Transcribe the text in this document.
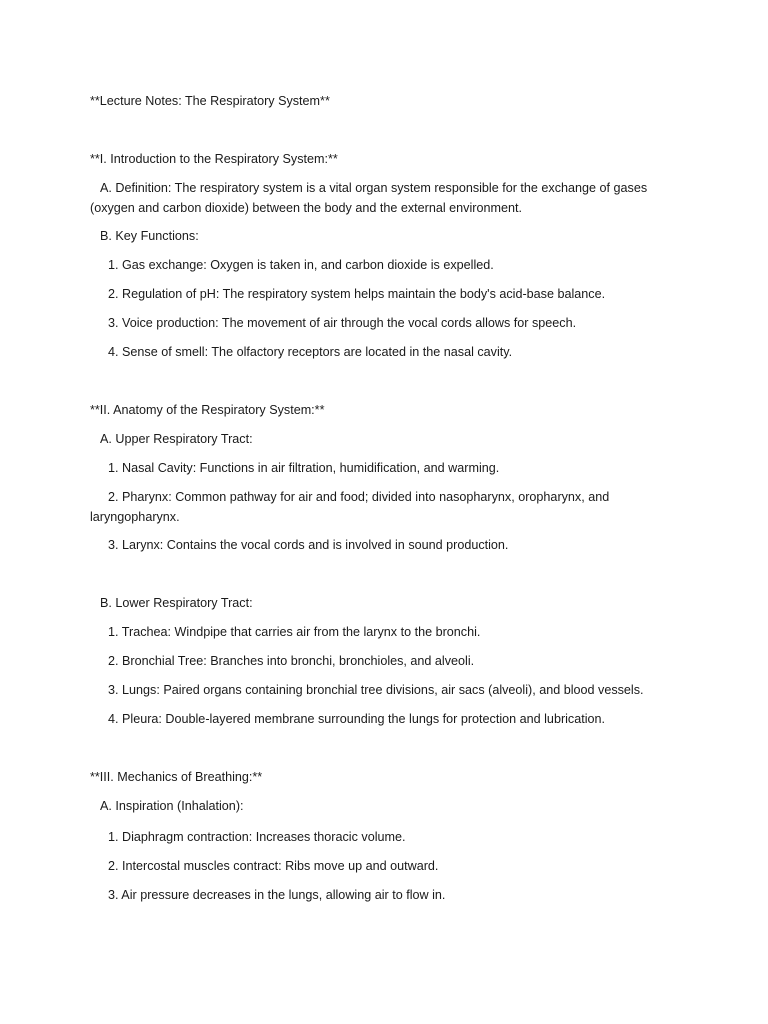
**Lecture Notes: The Respiratory System**
**I. Introduction to the Respiratory System:**
A. Definition: The respiratory system is a vital organ system responsible for the exchange of gases (oxygen and carbon dioxide) between the body and the external environment.
B. Key Functions:
1. Gas exchange: Oxygen is taken in, and carbon dioxide is expelled.
2. Regulation of pH: The respiratory system helps maintain the body's acid-base balance.
3. Voice production: The movement of air through the vocal cords allows for speech.
4. Sense of smell: The olfactory receptors are located in the nasal cavity.
**II. Anatomy of the Respiratory System:**
A. Upper Respiratory Tract:
1. Nasal Cavity: Functions in air filtration, humidification, and warming.
2. Pharynx: Common pathway for air and food; divided into nasopharynx, oropharynx, and laryngopharynx.
3. Larynx: Contains the vocal cords and is involved in sound production.
B. Lower Respiratory Tract:
1. Trachea: Windpipe that carries air from the larynx to the bronchi.
2. Bronchial Tree: Branches into bronchi, bronchioles, and alveoli.
3. Lungs: Paired organs containing bronchial tree divisions, air sacs (alveoli), and blood vessels.
4. Pleura: Double-layered membrane surrounding the lungs for protection and lubrication.
**III. Mechanics of Breathing:**
A. Inspiration (Inhalation):
1. Diaphragm contraction: Increases thoracic volume.
2. Intercostal muscles contract: Ribs move up and outward.
3. Air pressure decreases in the lungs, allowing air to flow in.
